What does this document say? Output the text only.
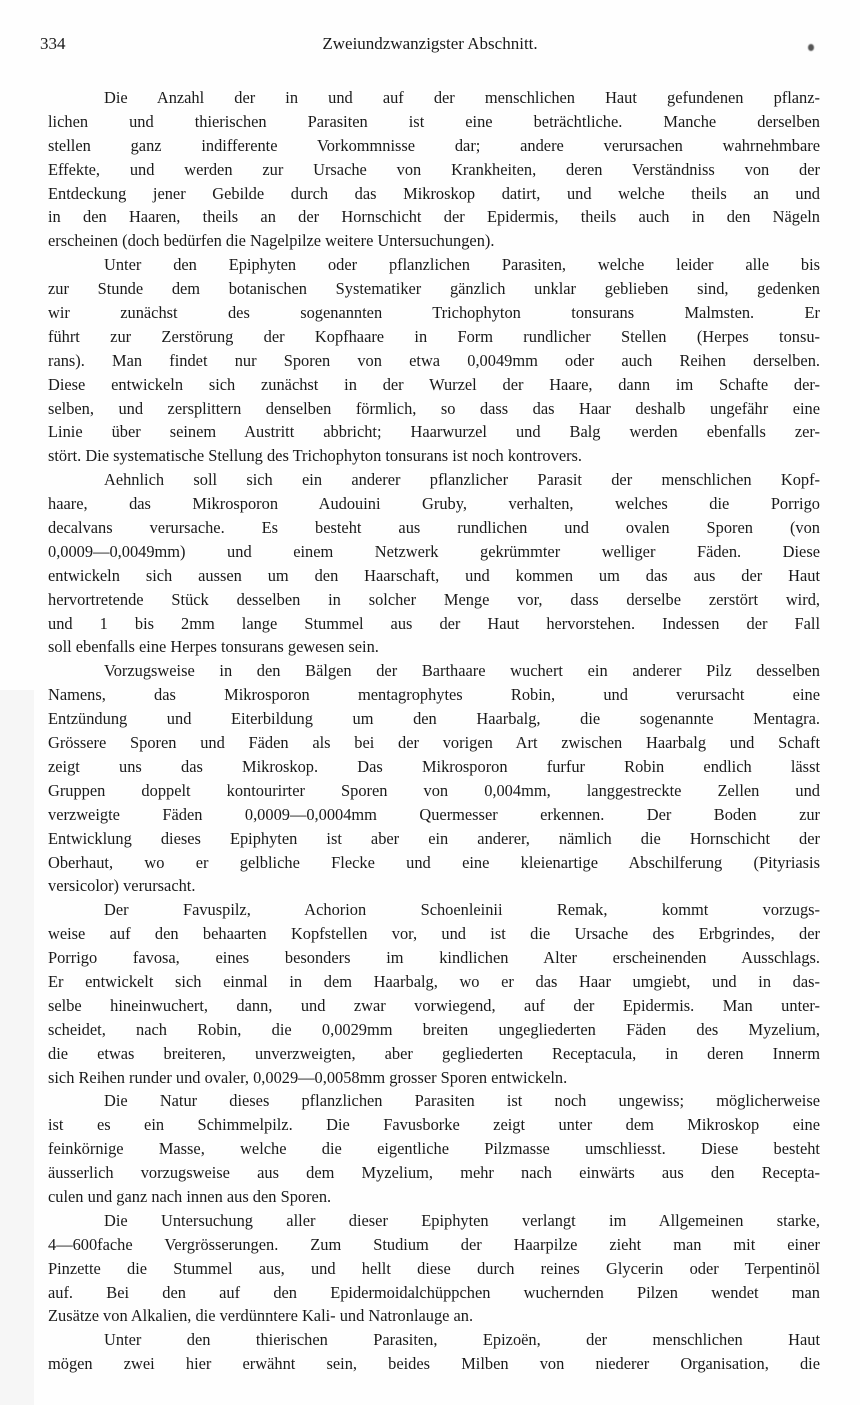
334	Zweiundzwanzigster Abschnitt.
Die Anzahl der in und auf der menschlichen Haut gefundenen pflanz-
lichen und thierischen Parasiten ist eine beträchtliche. Manche derselben
stellen ganz indifferente Vorkommnisse dar; andere verursachen wahrnehmbare
Effekte, und werden zur Ursache von Krankheiten, deren Verständniss von der
Entdeckung jener Gebilde durch das Mikroskop datirt, und welche theils an und
in den Haaren, theils an der Hornschicht der Epidermis, theils auch in den Nägeln
erscheinen (doch bedürfen die Nagelpilze weitere Untersuchungen).
Unter den Epiphyten oder pflanzlichen Parasiten, welche leider alle bis
zur Stunde dem botanischen Systematiker gänzlich unklar geblieben sind, gedenken
wir zunächst des sogenannten Trichophyton tonsurans Malmsten. Er
führt zur Zerstörung der Kopfhaare in Form rundlicher Stellen (Herpes tonsu-
rans). Man findet nur Sporen von etwa 0,0049mm oder auch Reihen derselben.
Diese entwickeln sich zunächst in der Wurzel der Haare, dann im Schafte der-
selben, und zersplittern denselben förmlich, so dass das Haar deshalb ungefähr eine
Linie über seinem Austritt abbricht; Haarwurzel und Balg werden ebenfalls zer-
stört. Die systematische Stellung des Trichophyton tonsurans ist noch kontrovers.
Aehnlich soll sich ein anderer pflanzlicher Parasit der menschlichen Kopf-
haare, das Mikrosporon Audouini Gruby, verhalten, welches die Porrigo
decalvans verursache. Es besteht aus rundlichen und ovalen Sporen (von
0,0009—0,0049mm) und einem Netzwerk gekrümmter welliger Fäden. Diese
entwickeln sich aussen um den Haarschaft, und kommen um das aus der Haut
hervortretende Stück desselben in solcher Menge vor, dass derselbe zerstört wird,
und 1 bis 2mm lange Stummel aus der Haut hervorstehen. Indessen der Fall
soll ebenfalls eine Herpes tonsurans gewesen sein.
Vorzugsweise in den Bälgen der Barthaare wuchert ein anderer Pilz desselben
Namens, das Mikrosporon mentagrophytes Robin, und verursacht eine
Entzündung und Eiterbildung um den Haarbalg, die sogenannte Mentagra.
Grössere Sporen und Fäden als bei der vorigen Art zwischen Haarbalg und Schaft
zeigt uns das Mikroskop. Das Mikrosporon furfur Robin endlich lässt
Gruppen doppelt kontourirter Sporen von 0,004mm, langgestreckte Zellen und
verzweigte Fäden 0,0009—0,0004mm Quermesser erkennen. Der Boden zur
Entwicklung dieses Epiphyten ist aber ein anderer, nämlich die Hornschicht der
Oberhaut, wo er gelbliche Flecke und eine kleienartige Abschilferung (Pityriasis
versicolor) verursacht.
Der Favuspilz, Achorion Schoenleinii Remak, kommt vorzugs-
weise auf den behaarten Kopfstellen vor, und ist die Ursache des Erbgrindes, der
Porrigo favosa, eines besonders im kindlichen Alter erscheinenden Ausschlags.
Er entwickelt sich einmal in dem Haarbalg, wo er das Haar umgiebt, und in das-
selbe hineinwuchert, dann, und zwar vorwiegend, auf der Epidermis. Man unter-
scheidet, nach Robin, die 0,0029mm breiten ungegliederten Fäden des Myzelium,
die etwas breiteren, unverzweigten, aber gegliederten Receptacula, in deren Innerm
sich Reihen runder und ovaler, 0,0029—0,0058mm grosser Sporen entwickeln.
Die Natur dieses pflanzlichen Parasiten ist noch ungewiss; möglicherweise
ist es ein Schimmelpilz. Die Favusborke zeigt unter dem Mikroskop eine
feinkörnige Masse, welche die eigentliche Pilzmasse umschliesst. Diese besteht
äusserlich vorzugsweise aus dem Myzelium, mehr nach einwärts aus den Recepta-
culen und ganz nach innen aus den Sporen.
Die Untersuchung aller dieser Epiphyten verlangt im Allgemeinen starke,
4—600fache Vergrösserungen. Zum Studium der Haarpilze zieht man mit einer
Pinzette die Stummel aus, und hellt diese durch reines Glycerin oder Terpentinöl
auf. Bei den auf den Epidermoidalchüppchen wuchernden Pilzen wendet man
Zusätze von Alkalien, die verdünntere Kali- und Natronlauge an.
Unter den thierischen Parasiten, Epizoën, der menschlichen Haut
mögen zwei hier erwähnt sein, beides Milben von niederer Organisation, die
